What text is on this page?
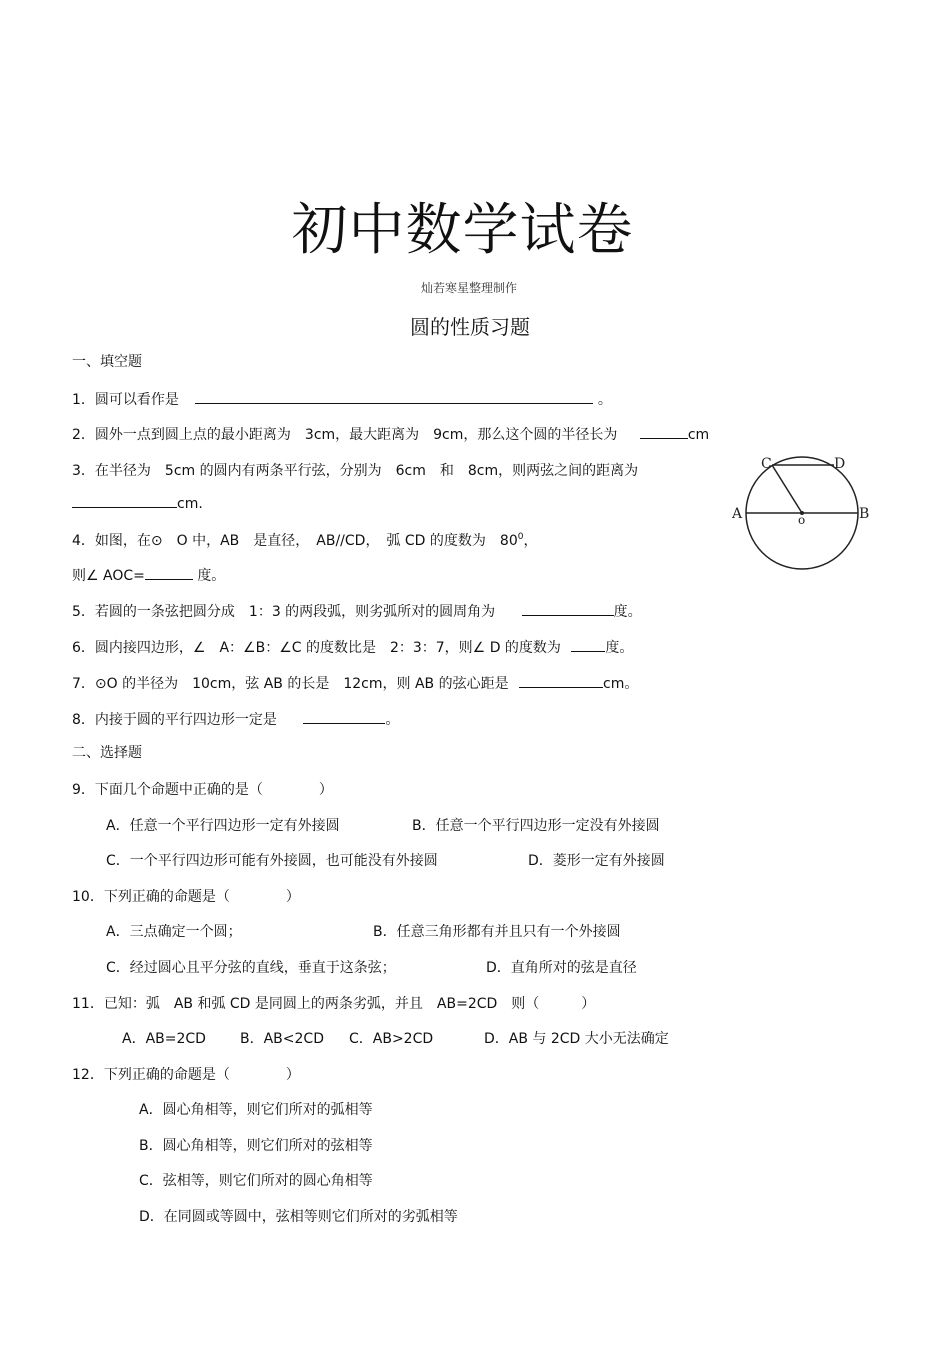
初中数学试卷
灿若寒星整理制作
圆的性质习题
一、填空题
1．圆可以看作是	。
2．圆外一点到圆上点的最小距离为　3cm，最大距离为　9cm，那么这个圆的半径长为	cm
3．在半径为　5cm 的圆内有两条平行弦，分别为　6cm　和　8cm，则两弦之间的距离为
cm.
4．如图，在⊙　O 中，AB　是直径，　AB//CD，　弧 CD 的度数为　$80^0$，
则∠ AOC=	度。
A	B
C	D
o
5．若圆的一条弦把圆分成　1：3 的两段弧，则劣弧所对的圆周角为	度。
6．圆内接四边形，∠　A：∠B：∠C 的度数比是　2：3：7，则∠ D 的度数为	度。
7．⊙O 的半径为　10cm，弦 AB 的长是　12cm，则 AB 的弦心距是	cm。
8．内接于圆的平行四边形一定是	。
二、选择题
9．下面几个命题中正确的是（　　　　）
A．任意一个平行四边形一定有外接圆	B．任意一个平行四边形一定没有外接圆
C．一个平行四边形可能有外接圆，也可能没有外接圆	D．菱形一定有外接圆
10．下列正确的命题是（　　　　）
A．三点确定一个圆；	B．任意三角形都有并且只有一个外接圆
C．经过圆心且平分弦的直线，垂直于这条弦；	D．直角所对的弦是直径
11．已知：弧　AB 和弧 CD 是同圆上的两条劣弧，并且　AB=2CD　则（　　　）
A．AB=2CD B．AB<2CD C．AB>2CD	D．AB 与 2CD 大小无法确定
12．下列正确的命题是（　　　　）
A．圆心角相等，则它们所对的弧相等
B．圆心角相等，则它们所对的弦相等
C．弦相等，则它们所对的圆心角相等
D．在同圆或等圆中，弦相等则它们所对的劣弧相等
